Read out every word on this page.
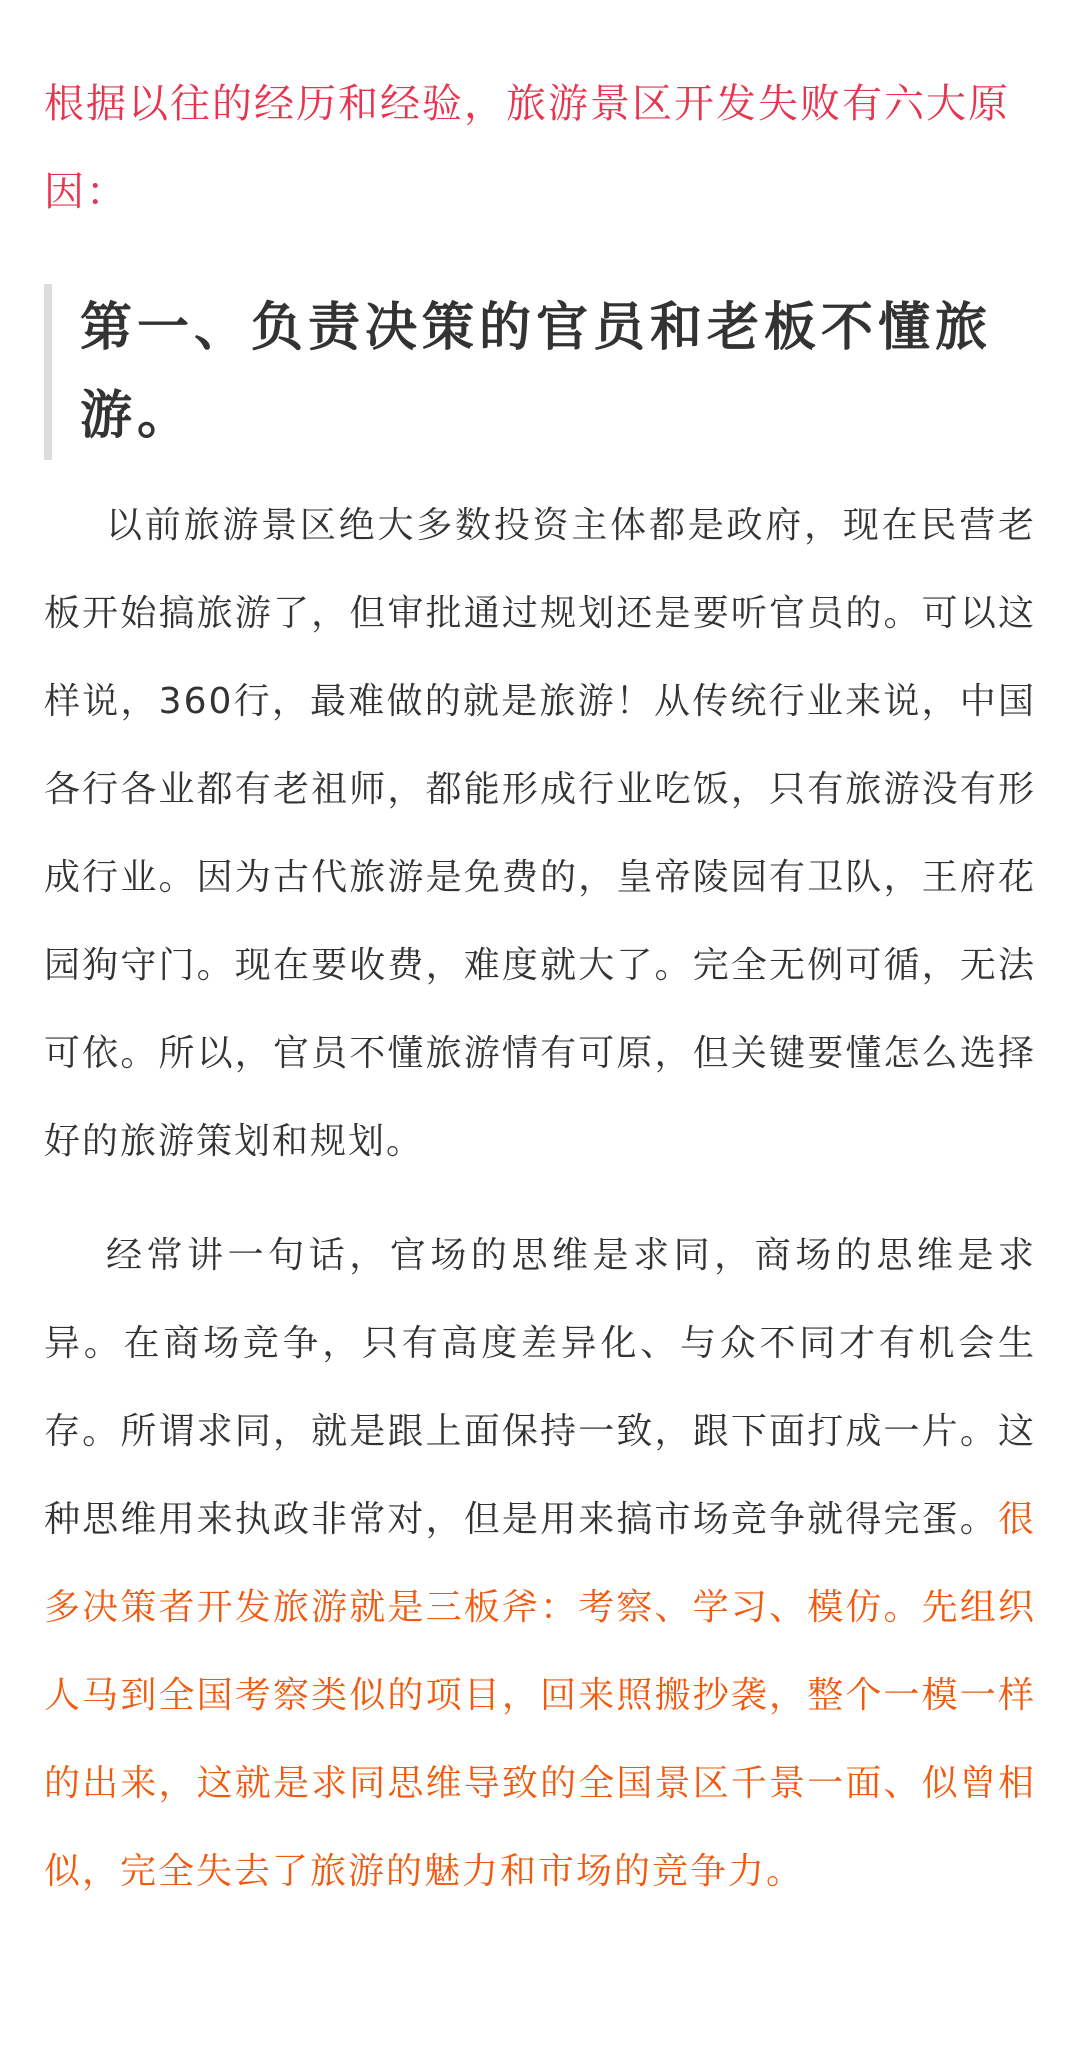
根据以往的经历和经验，旅游景区开发失败有六大原因：

第一、负责决策的官员和老板不懂旅游。

以前旅游景区绝大多数投资主体都是政府，现在民营老板开始搞旅游了，但审批通过规划还是要听官员的。可以这样说，360行，最难做的就是旅游！从传统行业来说，中国各行各业都有老祖师，都能形成行业吃饭，只有旅游没有形成行业。因为古代旅游是免费的，皇帝陵园有卫队，王府花园狗守门。现在要收费，难度就大了。完全无例可循，无法可依。所以，官员不懂旅游情有可原，但关键要懂怎么选择好的旅游策划和规划。

经常讲一句话，官场的思维是求同，商场的思维是求异。在商场竞争，只有高度差异化、与众不同才有机会生存。所谓求同，就是跟上面保持一致，跟下面打成一片。这种思维用来执政非常对，但是用来搞市场竞争就得完蛋。很多决策者开发旅游就是三板斧：考察、学习、模仿。先组织人马到全国考察类似的项目，回来照搬抄袭，整个一模一样的出来，这就是求同思维导致的全国景区千景一面、似曾相似，完全失去了旅游的魅力和市场的竞争力。
